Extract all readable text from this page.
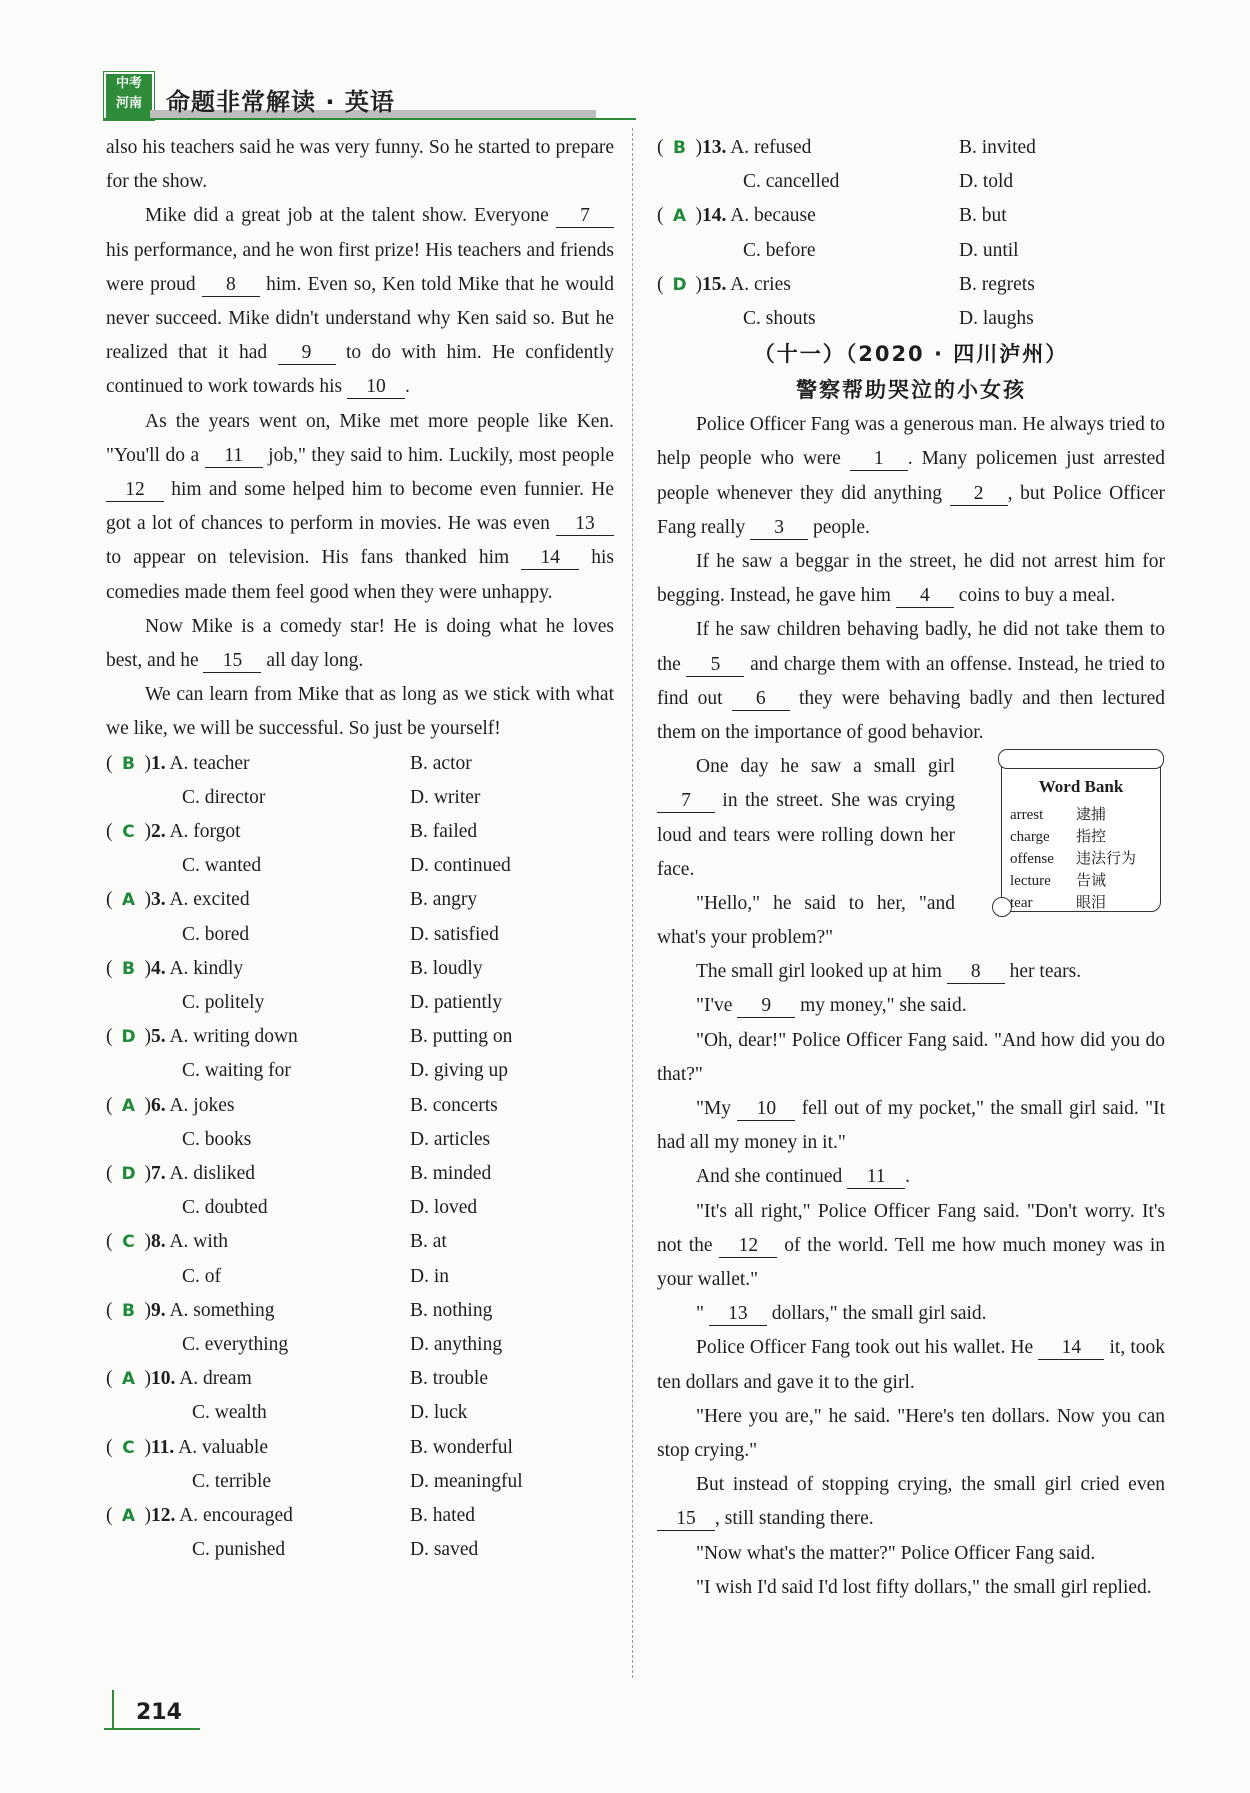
中考
河南	命题非常解读 · 英语

also his teachers said he was very funny. So he started to prepare for the show.

Mike did a great job at the talent show. Everyone 7 his performance, and he won first prize! His teachers and friends were proud 8 him. Even so, Ken told Mike that he would never succeed. Mike didn't understand why Ken said so. But he realized that it had 9 to do with him. He confidently continued to work towards his 10 .

As the years went on, Mike met more people like Ken. "You'll do a 11 job," they said to him. Luckily, most people 12 him and some helped him to become even funnier. He got a lot of chances to perform in movies. He was even 13 to appear on television. His fans thanked him 14 his comedies made them feel good when they were unhappy.

Now Mike is a comedy star! He is doing what he loves best, and he 15 all day long.

We can learn from Mike that as long as we stick with what we like, we will be successful. So just be yourself!

( B )1. A. teacher	B. actor
C. director	D. writer
( C )2. A. forgot	B. failed
C. wanted	D. continued
( A )3. A. excited	B. angry
C. bored	D. satisfied
( B )4. A. kindly	B. loudly
C. politely	D. patiently
( D )5. A. writing down	B. putting on
C. waiting for	D. giving up
( A )6. A. jokes	B. concerts
C. books	D. articles
( D )7. A. disliked	B. minded
C. doubted	D. loved
( C )8. A. with	B. at
C. of	D. in
( B )9. A. something	B. nothing
C. everything	D. anything
( A )10. A. dream	B. trouble
C. wealth	D. luck
( C )11. A. valuable	B. wonderful
C. terrible	D. meaningful
( A )12. A. encouraged	B. hated
C. punished	D. saved
( B )13. A. refused	B. invited
C. cancelled	D. told
( A )14. A. because	B. but
C. before	D. until
( D )15. A. cries	B. regrets
C. shouts	D. laughs
（十一）（2020 · 四川泸州）
警察帮助哭泣的小女孩

Police Officer Fang was a generous man. He always tried to help people who were 1 . Many policemen just arrested people whenever they did anything 2 , but Police Officer Fang really 3 people.

If he saw a beggar in the street, he did not arrest him for begging. Instead, he gave him 4 coins to buy a meal.

If he saw children behaving badly, he did not take them to the 5 and charge them with an offense. Instead, he tried to find out 6 they were behaving badly and then lectured them on the importance of good behavior.

One day he saw a small girl 7 in the street. She was crying loud and tears were rolling down her face.

"Hello," he said to her, "and what's your problem?"

Word Bank
arrest 逮捕
charge 指控
offense 违法行为
lecture 告诫
tear	眼泪

The small girl looked up at him 8 her tears.

"I've 9 my money," she said.

"Oh, dear!" Police Officer Fang said. "And how did you do that?"

"My 10 fell out of my pocket," the small girl said. "It had all my money in it."

And she continued 11 .

"It's all right," Police Officer Fang said. "Don't worry. It's not the 12 of the world. Tell me how much money was in your wallet."

" 13 dollars," the small girl said.

Police Officer Fang took out his wallet. He 14 it, took ten dollars and gave it to the girl.

"Here you are," he said. "Here's ten dollars. Now you can stop crying."

But instead of stopping crying, the small girl cried even 15 , still standing there.

"Now what's the matter?" Police Officer Fang said.

"I wish I'd said I'd lost fifty dollars," the small girl replied.

214
